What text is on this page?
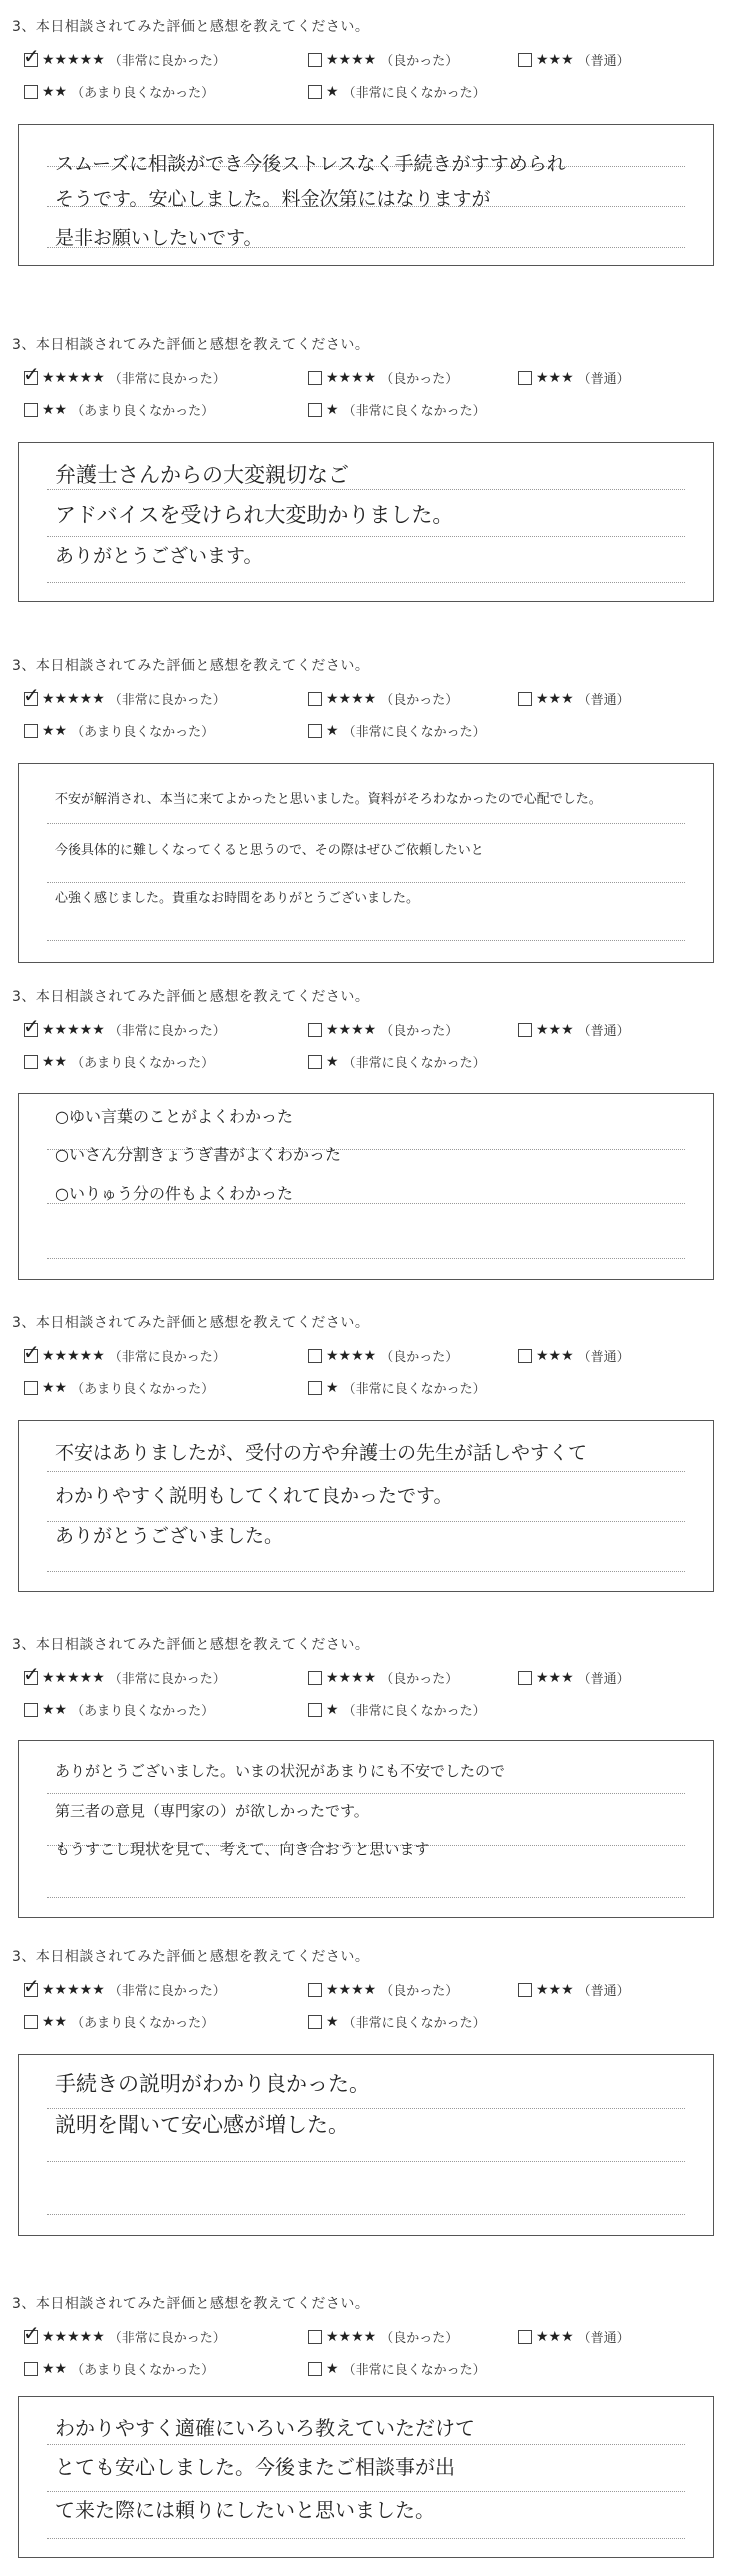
3、本日相談されてみた評価と感想を教えてください。
✓ ★★★★★ （非常に良かった）	★★★★ （良かった）	★★★ （普通）
★★ （あまり良くなかった）	★ （非常に良くなかった）
スムーズに相談ができ今後ストレスなく手続きがすすめられ
そうです。安心しました。料金次第にはなりますが
是非お願いしたいです。
3、本日相談されてみた評価と感想を教えてください。
✓ ★★★★★ （非常に良かった）	★★★★ （良かった）	★★★ （普通）
★★ （あまり良くなかった）	★ （非常に良くなかった）
弁護士さんからの大変親切なご
アドバイスを受けられ大変助かりました。
ありがとうございます。
3、本日相談されてみた評価と感想を教えてください。
✓ ★★★★★ （非常に良かった）	★★★★ （良かった）	★★★ （普通）
★★ （あまり良くなかった）	★ （非常に良くなかった）
不安が解消され、本当に来てよかったと思いました。資料がそろわなかったので心配でした。
今後具体的に難しくなってくると思うので、その際はぜひご依頼したいと
心強く感じました。貴重なお時間をありがとうございました。
3、本日相談されてみた評価と感想を教えてください。
✓ ★★★★★ （非常に良かった）	★★★★ （良かった）	★★★ （普通）
★★ （あまり良くなかった）	★ （非常に良くなかった）
○ゆい言葉のことがよくわかった
○いさん分割きょうぎ書がよくわかった
○いりゅう分の件もよくわかった
3、本日相談されてみた評価と感想を教えてください。
✓ ★★★★★ （非常に良かった）	★★★★ （良かった）	★★★ （普通）
★★ （あまり良くなかった）	★ （非常に良くなかった）
不安はありましたが、受付の方や弁護士の先生が話しやすくて
わかりやすく説明もしてくれて良かったです。
ありがとうございました。
3、本日相談されてみた評価と感想を教えてください。
✓ ★★★★★ （非常に良かった）	★★★★ （良かった）	★★★ （普通）
★★ （あまり良くなかった）	★ （非常に良くなかった）
ありがとうございました。いまの状況があまりにも不安でしたので
第三者の意見（専門家の）が欲しかったです。
もうすこし現状を見て、考えて、向き合おうと思います
3、本日相談されてみた評価と感想を教えてください。
✓ ★★★★★ （非常に良かった）	★★★★ （良かった）	★★★ （普通）
★★ （あまり良くなかった）	★ （非常に良くなかった）
手続きの説明がわかり良かった。
説明を聞いて安心感が増した。
3、本日相談されてみた評価と感想を教えてください。
✓ ★★★★★ （非常に良かった）	★★★★ （良かった）	★★★ （普通）
★★ （あまり良くなかった）	★ （非常に良くなかった）
わかりやすく適確にいろいろ教えていただけて
とても安心しました。今後またご相談事が出
て来た際には頼りにしたいと思いました。
